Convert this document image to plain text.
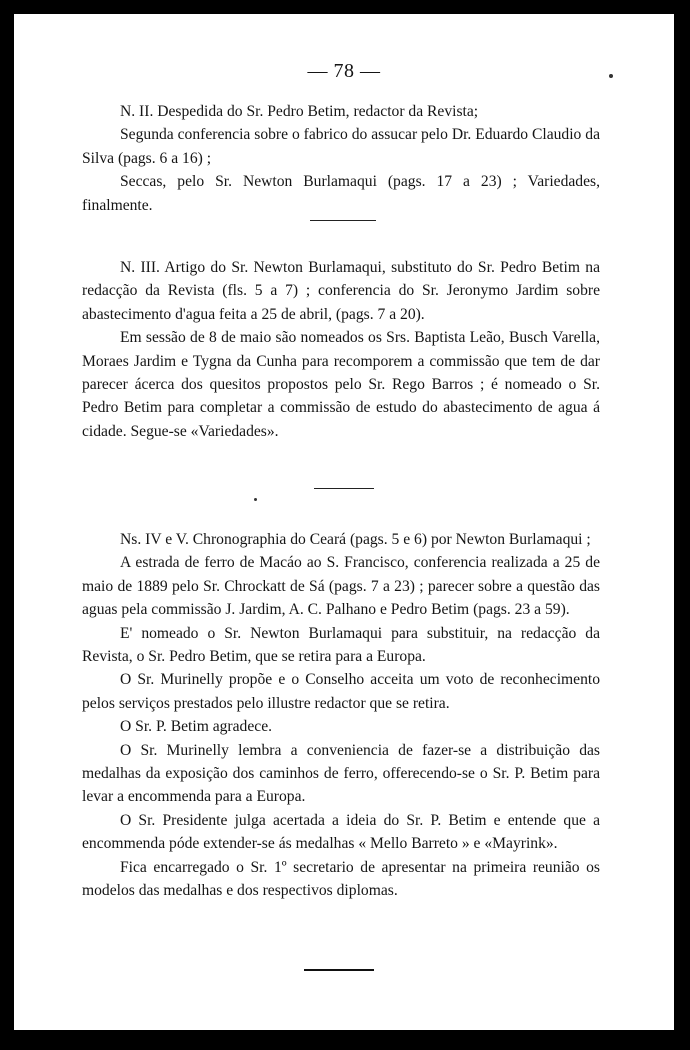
— 78 —

N. II. Despedida do Sr. Pedro Betim, redactor da Revista;

Segunda conferencia sobre o fabrico do assucar pelo Dr. Eduardo Claudio da Silva (pags. 6 a 16) ;

Seccas, pelo Sr. Newton Burlamaqui (pags. 17 a 23) ; Variedades, finalmente.

N. III. Artigo do Sr. Newton Burlamaqui, substituto do Sr. Pedro Betim na redacção da Revista (fls. 5 a 7) ; conferencia do Sr. Jeronymo Jardim sobre abastecimento d'agua feita a 25 de abril, (pags. 7 a 20).

Em sessão de 8 de maio são nomeados os Srs. Baptista Leão, Busch Varella, Moraes Jardim e Tygna da Cunha para recomporem a commissão que tem de dar parecer ácerca dos quesitos propostos pelo Sr. Rego Barros ; é nomeado o Sr. Pedro Betim para completar a commissão de estudo do abastecimento de agua á cidade. Segue-se «Variedades».

Ns. IV e V. Chronographia do Ceará (pags. 5 e 6) por Newton Burlamaqui ;

A estrada de ferro de Macáo ao S. Francisco, conferencia realizada a 25 de maio de 1889 pelo Sr. Chrockatt de Sá (pags. 7 a 23) ; parecer sobre a questão das aguas pela commissão J. Jardim, A. C. Palhano e Pedro Betim (pags. 23 a 59).

E' nomeado o Sr. Newton Burlamaqui para substituir, na redacção da Revista, o Sr. Pedro Betim, que se retira para a Europa.

O Sr. Murinelly propõe e o Conselho acceita um voto de reconhecimento pelos serviços prestados pelo illustre redactor que se retira.

O Sr. P. Betim agradece.

O Sr. Murinelly lembra a conveniencia de fazer-se a distribuição das medalhas da exposição dos caminhos de ferro, offerecendo-se o Sr. P. Betim para levar a encommenda para a Europa.

O Sr. Presidente julga acertada a ideia do Sr. P. Betim e entende que a encommenda póde extender-se ás medalhas « Mello Barreto » e «Mayrink».

Fica encarregado o Sr. 1º secretario de apresentar na primeira reunião os modelos das medalhas e dos respectivos diplomas.
